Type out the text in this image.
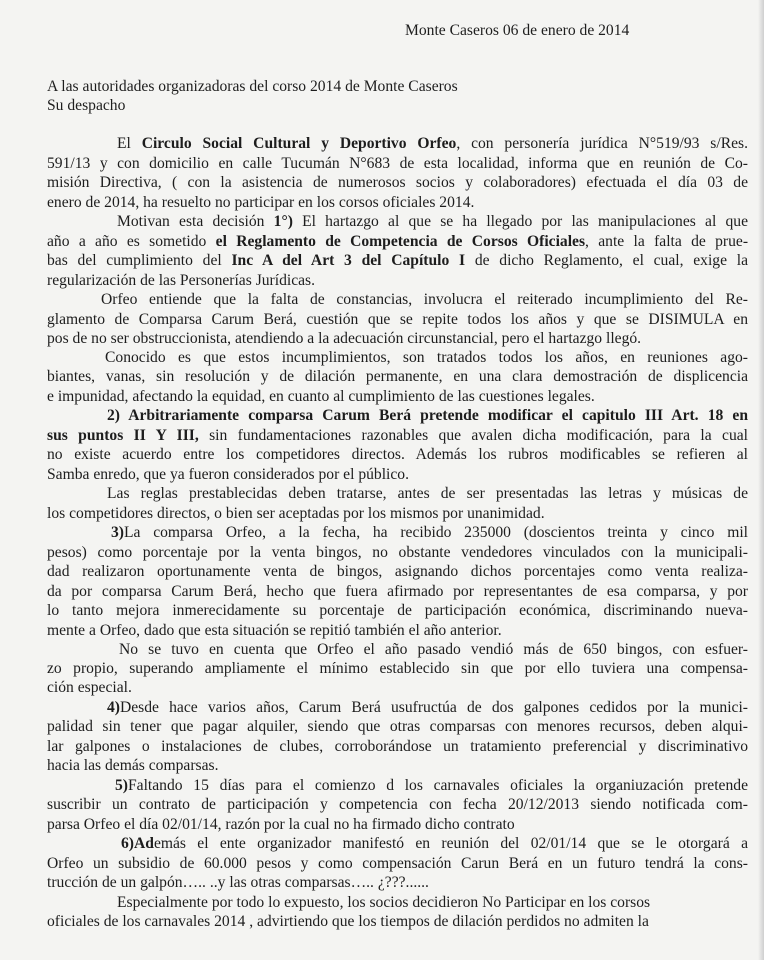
Monte Caseros 06 de enero de 2014
A las autoridades organizadoras del corso 2014 de Monte Caseros
Su despacho
El Circulo Social Cultural y Deportivo Orfeo, con personería jurídica N°519/93 s/Res.
591/13 y con domicilio en calle Tucumán N°683 de esta localidad, informa que en reunión de Co-
misión Directiva, ( con la asistencia de numerosos socios y colaboradores) efectuada el día 03 de
enero de 2014, ha resuelto no participar en los corsos oficiales 2014.
Motivan esta decisión 1°) El hartazgo al que se ha llegado por las manipulaciones al que
año a año es sometido el Reglamento de Competencia de Corsos Oficiales, ante la falta de prue-
bas del cumplimiento del Inc A del Art 3 del Capítulo I de dicho Reglamento, el cual, exige la
regularización de las Personerías Jurídicas.
Orfeo entiende que la falta de constancias, involucra el reiterado incumplimiento del Re-
glamento de Comparsa Carum Berá, cuestión que se repite todos los años y que se DISIMULA en
pos de no ser obstruccionista, atendiendo a la adecuación circunstancial, pero el hartazgo llegó.
Conocido es que estos incumplimientos, son tratados todos los años, en reuniones ago-
biantes, vanas, sin resolución y de dilación permanente, en una clara demostración de displicencia
e impunidad, afectando la equidad, en cuanto al cumplimiento de las cuestiones legales.
2) Arbitrariamente comparsa Carum Berá pretende modificar el capitulo III Art. 18 en
sus puntos II Y III, sin fundamentaciones razonables que avalen dicha modificación, para la cual
no existe acuerdo entre los competidores directos. Además los rubros modificables se refieren al
Samba enredo, que ya fueron considerados por el público.
Las reglas prestablecidas deben tratarse, antes de ser presentadas las letras y músicas de
los competidores directos, o bien ser aceptadas por los mismos por unanimidad.
3)La comparsa Orfeo, a la fecha, ha recibido 235000 (doscientos treinta y cinco mil
pesos) como porcentaje por la venta bingos, no obstante vendedores vinculados con la municipali-
dad realizaron oportunamente venta de bingos, asignando dichos porcentajes como venta realiza-
da por comparsa Carum Berá, hecho que fuera afirmado por representantes de esa comparsa, y por
lo tanto mejora inmerecidamente su porcentaje de participación económica, discriminando nueva-
mente a Orfeo, dado que esta situación se repitió también el año anterior.
No se tuvo en cuenta que Orfeo el año pasado vendió más de 650 bingos, con esfuer-
zo propio, superando ampliamente el mínimo establecido sin que por ello tuviera una compensa-
ción especial.
4)Desde hace varios años, Carum Berá usufructúa de dos galpones cedidos por la munici-
palidad sin tener que pagar alquiler, siendo que otras comparsas con menores recursos, deben alqui-
lar galpones o instalaciones de clubes, corroborándose un tratamiento preferencial y discriminativo
hacia las demás comparsas.
5)Faltando 15 días para el comienzo d los carnavales oficiales la organiuzación pretende
suscribir un contrato de participación y competencia con fecha 20/12/2013 siendo notificada com-
parsa Orfeo el día 02/01/14, razón por la cual no ha firmado dicho contrato
6)Además el ente organizador manifestó en reunión del 02/01/14 que se le otorgará a
Orfeo un subsidio de 60.000 pesos y como compensación Carun Berá en un futuro tendrá la cons-
trucción de un galpón….. ..y las otras comparsas….. ¿???......
Especialmente por todo lo expuesto, los socios decidieron No Participar en los corsos
oficiales de los carnavales 2014 , advirtiendo que los tiempos de dilación perdidos no admiten la
